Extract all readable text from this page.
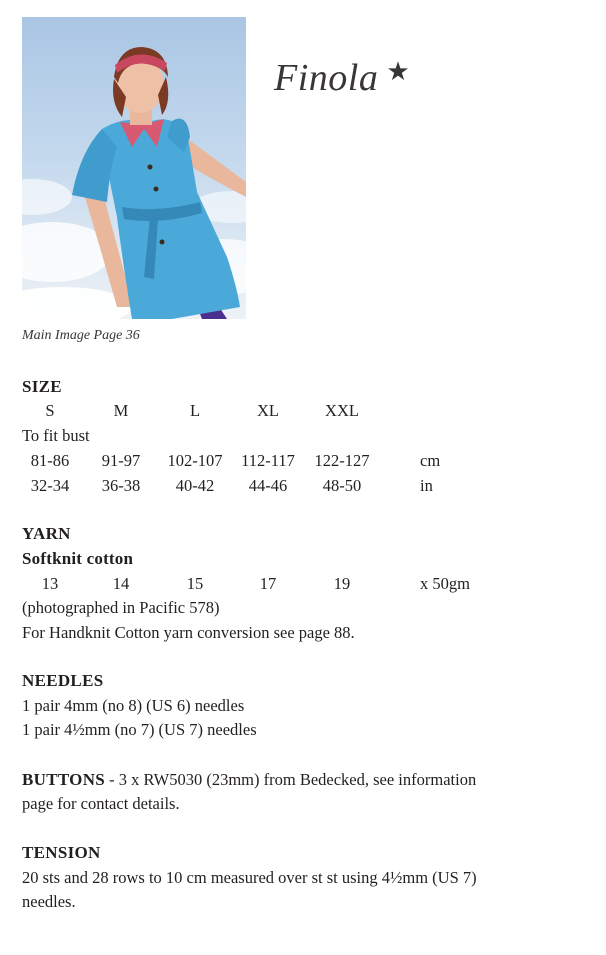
Finola ★
Main Image Page 36
SIZE
S	M	L	XL	XXL
To fit bust
81-86 91-97 102-107 112-117 122-127	cm
32-34 36-38 40-42 44-46 48-50	in
YARN
Softknit cotton
13	14	15	17	19	x 50gm
(photographed in Pacific 578)
For Handknit Cotton yarn conversion see page 88.
NEEDLES
1 pair 4mm (no 8) (US 6) needles
1 pair 4½mm (no 7) (US 7) needles
BUTTONS - 3 x RW5030 (23mm) from Bedecked, see information
page for contact details.
TENSION
20 sts and 28 rows to 10 cm measured over st st using 4½mm (US 7)
needles.
